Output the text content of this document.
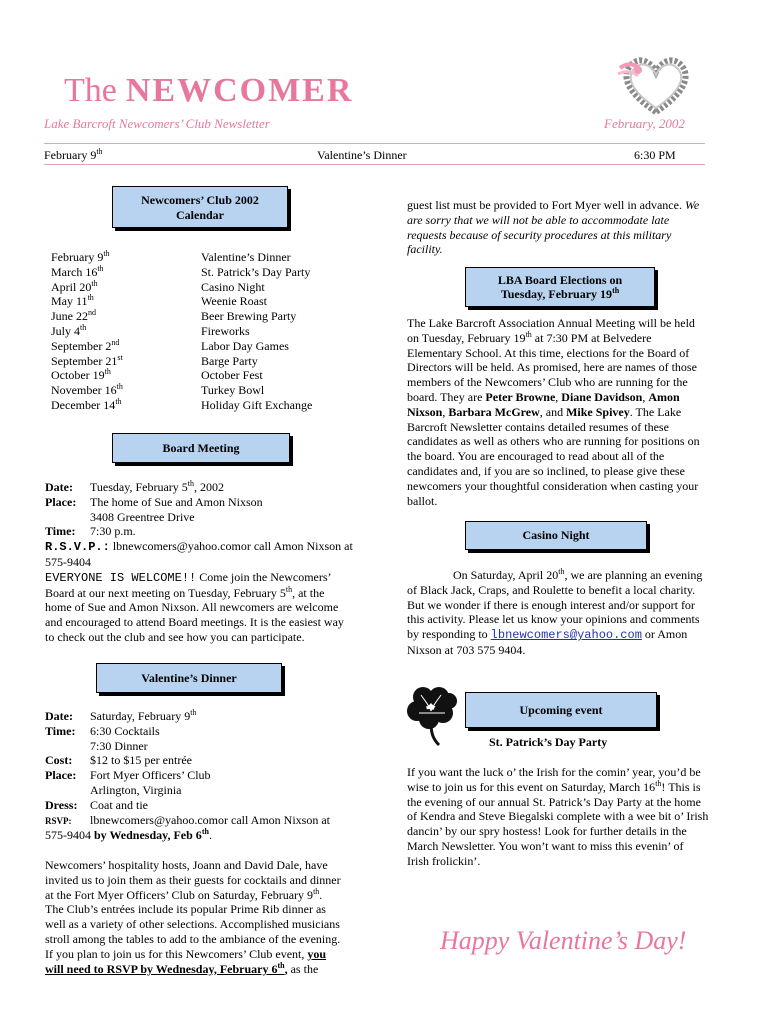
The NEWCOMER
Lake Barcroft Newcomers’ Club Newsletter	February, 2002
February 9th	Valentine’s Dinner	6:30 PM
Newcomers’ Club 2002
Calendar
February 9th	Valentine’s Dinner
March 16th	St. Patrick’s Day Party
April 20th	Casino Night
May 11th	Weenie Roast
June 22nd	Beer Brewing Party
July 4th	Fireworks
September 2nd	Labor Day Games
September 21st	Barge Party
October 19th	October Fest
November 16th	Turkey Bowl
December 14th	Holiday Gift Exchange
Board Meeting
Date: Tuesday, February 5th, 2002
Place: The home of Sue and Amon Nixson
3408 Greentree Drive
Time: 7:30 p.m.
R.S.V.P.: lbnewcomers@yahoo.comor call Amon Nixson at
575-9404
EVERYONE IS WELCOME!! Come join the Newcomers’
Board at our next meeting on Tuesday, February 5th, at the
home of Sue and Amon Nixson. All newcomers are welcome
and encouraged to attend Board meetings. It is the easiest way
to check out the club and see how you can participate.
Valentine’s Dinner
Date: Saturday, February 9th
Time: 6:30 Cocktails
7:30 Dinner
Cost: $12 to $15 per entrée
Place: Fort Myer Officers’ Club
Arlington, Virginia
Dress: Coat and tie
RSVP: lbnewcomers@yahoo.comor call Amon Nixson at
575-9404 by Wednesday, Feb 6th.
Newcomers’ hospitality hosts, Joann and David Dale, have
invited us to join them as their guests for cocktails and dinner
at the Fort Myer Officers’ Club on Saturday, February 9th.
The Club’s entrées include its popular Prime Rib dinner as
well as a variety of other selections. Accomplished musicians
stroll among the tables to add to the ambiance of the evening.
If you plan to join us for this Newcomers’ Club event, you
will need to RSVP by Wednesday, February 6th, as the
guest list must be provided to Fort Myer well in advance. We
are sorry that we will not be able to accommodate late
requests because of security procedures at this military
facility.
LBA Board Elections on
Tuesday, February 19th
The Lake Barcroft Association Annual Meeting will be held
on Tuesday, February 19th at 7:30 PM at Belvedere
Elementary School. At this time, elections for the Board of
Directors will be held. As promised, here are names of those
members of the Newcomers’ Club who are running for the
board. They are Peter Browne, Diane Davidson, Amon
Nixson, Barbara McGrew, and Mike Spivey. The Lake
Barcroft Newsletter contains detailed resumes of these
candidates as well as others who are running for positions on
the board. You are encouraged to read about all of the
candidates and, if you are so inclined, to please give these
newcomers your thoughtful consideration when casting your
ballot.
Casino Night
On Saturday, April 20th, we are planning an evening
of Black Jack, Craps, and Roulette to benefit a local charity.
But we wonder if there is enough interest and/or support for
this activity. Please let us know your opinions and comments
by responding to lbnewcomers@yahoo.com or Amon
Nixson at 703 575 9404.
Upcoming event
St. Patrick’s Day Party
If you want the luck o’ the Irish for the comin’ year, you’d be
wise to join us for this event on Saturday, March 16th! This is
the evening of our annual St. Patrick’s Day Party at the home
of Kendra and Steve Biegalski complete with a wee bit o’ Irish
dancin’ by our spry hostess! Look for further details in the
March Newsletter. You won’t want to miss this evenin’ of
Irish frolickin’.
Happy Valentine’s Day!
